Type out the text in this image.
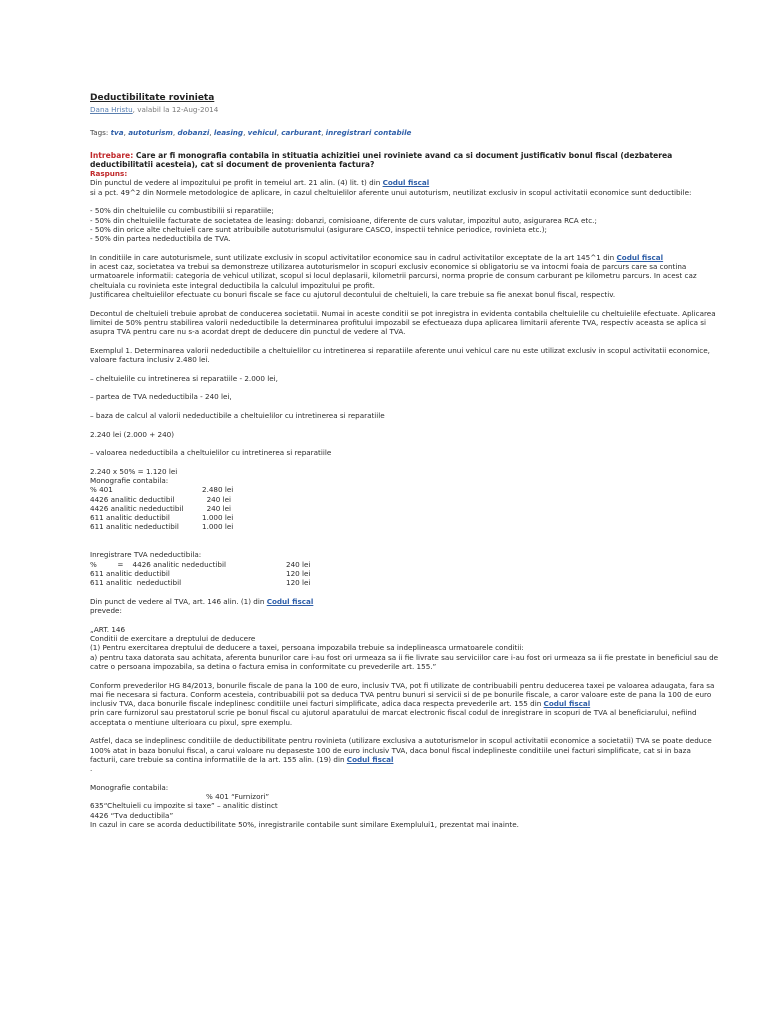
Deductibilitate rovinieta
Dana Hristu, valabil la 12-Aug-2014
Tags: tva, autoturism, dobanzi, leasing, vehicul, carburant, inregistrari contabile
Intrebare: Care ar fi monografia contabila in stituatia achizitiei unei roviniete avand ca si document justificativ bonul fiscal (dezbaterea deductibilitatii acesteia), cat si document de provenienta factura?
Raspuns:

Din punctul de vedere al impozitului pe profit in temeiul art. 21 alin. (4) lit. t) din Codul fiscal
si a pct. 49^2 din Normele metodologice de aplicare, in cazul cheltuielilor aferente unui autoturism, neutilizat exclusiv in scopul activitatii economice sunt deductibile:

- 50% din cheltuielile cu combustibilii si reparatiile;

- 50% din cheltuielile facturate de societatea de leasing: dobanzi, comisioane, diferente de curs valutar, impozitul auto, asigurarea RCA etc.;

- 50% din orice alte cheltuieli care sunt atribuibile autoturismului (asigurare CASCO, inspectii tehnice periodice, rovinieta etc.);

- 50% din partea nedeductibila de TVA.

In conditiile in care autoturismele, sunt utilizate exclusiv in scopul activitatilor economice sau in cadrul activitatilor exceptate de la art 145^1 din Codul fiscal
in acest caz, societatea va trebui sa demonstreze utilizarea autoturismelor in scopuri exclusiv economice si obligatoriu se va intocmi foaia de parcurs care sa contina urmatoarele informatii: categoria de vehicul utilizat, scopul si locul deplasarii, kilometrii parcursi, norma proprie de consum carburant pe kilometru parcurs. In acest caz cheltuiala cu rovinieta este integral deductibila la calculul impozitului pe profit.
Justificarea cheltuielilor efectuate cu bonuri fiscale se face cu ajutorul decontului de cheltuieli, la care trebuie sa fie anexat bonul fiscal, respectiv.

Decontul de cheltuieli trebuie aprobat de conducerea societatii. Numai in aceste conditii se pot inregistra in evidenta contabila cheltuielile cu cheltuielile efectuate. Aplicarea limitei de 50% pentru stabilirea valorii nedeductibile la determinarea profitului impozabil se efectueaza dupa aplicarea limitarii aferente TVA, respectiv aceasta se aplica si asupra TVA pentru care nu s-a acordat drept de deducere din punctul de vedere al TVA.

Exemplul 1. Determinarea valorii nedeductibile a cheltuielilor cu intretinerea si reparatiile aferente unui vehicul care nu este utilizat exclusiv in scopul activitatii economice, valoare factura inclusiv 2.480 lei.

– cheltuielile cu intretinerea si reparatiile - 2.000 lei,

– partea de TVA nedeductibila - 240 lei,

– baza de calcul al valorii nedeductibile a cheltuielilor cu intretinerea si reparatiile

2.240 lei (2.000 + 240)

– valoarea nedeductibila a cheltuielilor cu intretinerea si reparatiile

2.240 x 50% = 1.120 lei

Monografie contabila:

% 401	2.480 lei
4426 analitic deductibil	240 lei
4426 analitic nedeductibil	240 lei
611 analitic deductibil	1.000 lei
611 analitic nedeductibil	1.000 lei

Inregistrare TVA nedeductibila:

%         =    4426 analitic nedeductibil	240 lei
611 analitic deductibil	120 lei
611 analitic  nedeductibil	120 lei

Din punct de vedere al TVA, art. 146 alin. (1) din Codul fiscal
prevede:

„ART. 146

Conditii de exercitare a dreptului de deducere

(1) Pentru exercitarea dreptului de deducere a taxei, persoana impozabila trebuie sa indeplineasca urmatoarele conditii:

a) pentru taxa datorata sau achitata, aferenta bunurilor care i-au fost ori urmeaza sa ii fie livrate sau serviciilor care i-au fost ori urmeaza sa ii fie prestate in beneficiul sau de catre o persoana impozabila, sa detina o factura emisa in conformitate cu prevederile art. 155.”

Conform prevederilor HG 84/2013, bonurile fiscale de pana la 100 de euro, inclusiv TVA, pot fi utilizate de contribuabili pentru deducerea taxei pe valoarea adaugata, fara sa mai fie necesara si factura. Conform acesteia, contribuabilii pot sa deduca TVA pentru bunuri si servicii si de pe bonurile fiscale, a caror valoare este de pana la 100 de euro inclusiv TVA, daca bonurile fiscale indeplinesc conditiile unei facturi simplificate, adica daca respecta prevederile art. 155 din Codul fiscal
prin care furnizorul sau prestatorul scrie pe bonul fiscal cu ajutorul aparatului de marcat electronic fiscal codul de inregistrare in scopuri de TVA al beneficiarului, nefiind acceptata o mentiune ulterioara cu pixul, spre exemplu.

Astfel, daca se indeplinesc conditiile de deductibilitate pentru rovinieta (utilizare exclusiva a autoturismelor in scopul activitatii economice a societatii) TVA se poate deduce 100% atat in baza bonului fiscal, a carui valoare nu depaseste 100 de euro inclusiv TVA, daca bonul fiscal indeplineste conditiile unei facturi simplificate, cat si in baza facturii, care trebuie sa contina informatiile de la art. 155 alin. (19) din Codul fiscal
.

Monografie contabila:

% 401 “Furnizori”

635“Cheltuieli cu impozite si taxe” – analitic distinct

4426 “Tva deductibila”

In cazul in care se acorda deductibilitate 50%, inregistrarile contabile sunt similare Exemplului1, prezentat mai inainte.
